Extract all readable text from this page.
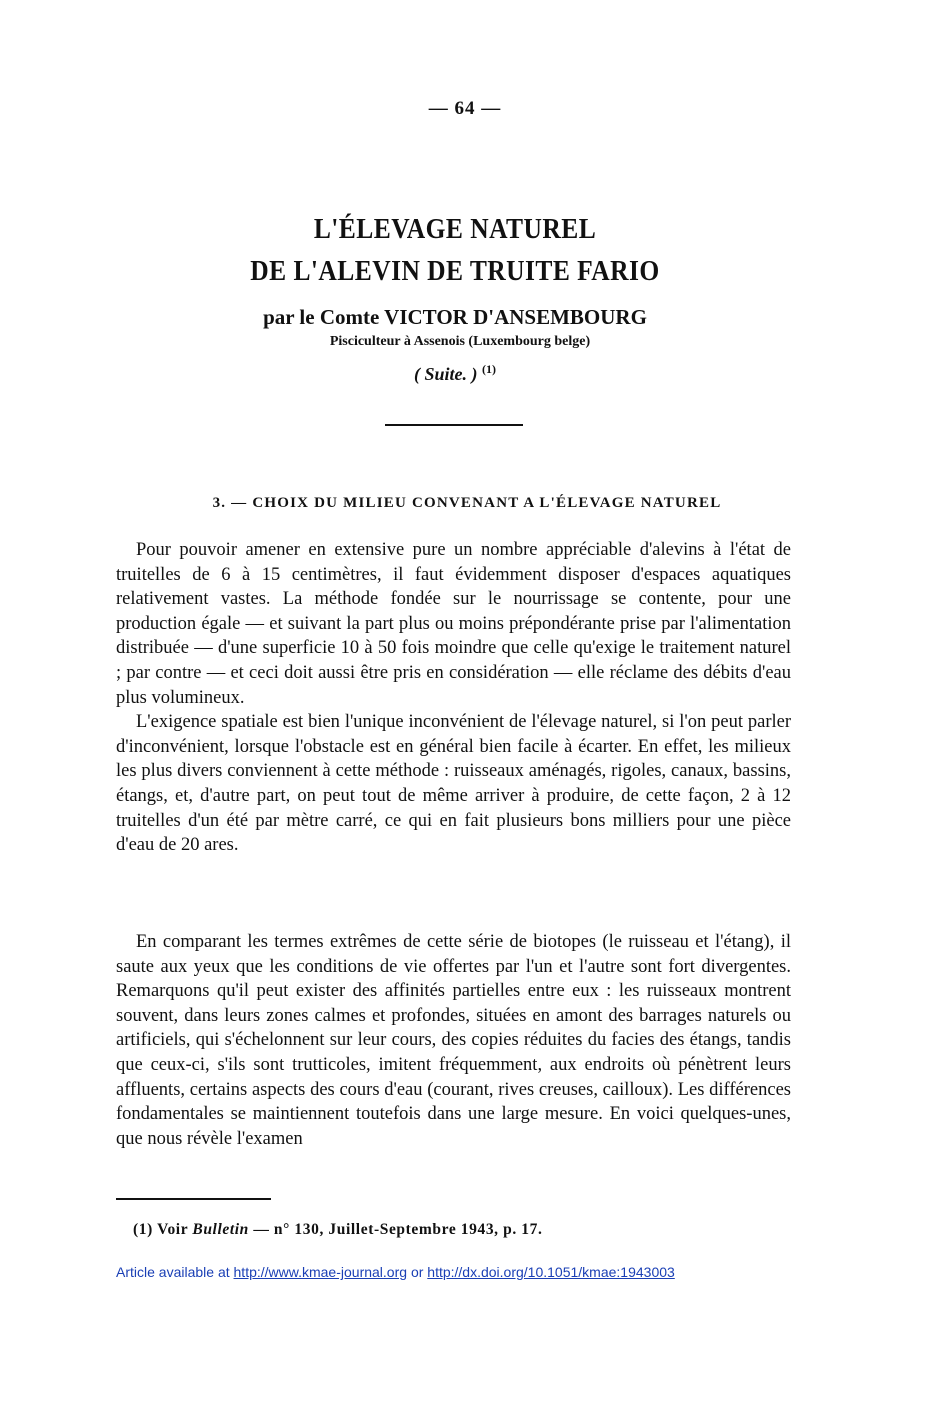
— 64 —
L'ÉLEVAGE NATUREL
DE L'ALEVIN DE TRUITE FARIO
par le Comte VICTOR D'ANSEMBOURG
Pisciculteur à Assenois (Luxembourg belge)
( Suite. ) $^{(1)}$
3. — CHOIX DU MILIEU CONVENANT A L'ÉLEVAGE NATUREL

Pour pouvoir amener en extensive pure un nombre appréciable d'alevins à l'état de truitelles de 6 à 15 centimètres, il faut évidemment disposer d'espaces aquatiques relativement vastes. La méthode fondée sur le nourrissage se contente, pour une production égale — et suivant la part plus ou moins prépondérante prise par l'alimentation distribuée — d'une superficie 10 à 50 fois moindre que celle qu'exige le traitement naturel ; par contre — et ceci doit aussi être pris en considération — elle réclame des débits d'eau plus volumineux.

L'exigence spatiale est bien l'unique inconvénient de l'élevage naturel, si l'on peut parler d'inconvénient, lorsque l'obstacle est en général bien facile à écarter. En effet, les milieux les plus divers conviennent à cette méthode : ruisseaux aménagés, rigoles, canaux, bassins, étangs, et, d'autre part, on peut tout de même arriver à produire, de cette façon, 2 à 12 truitelles d'un été par mètre carré, ce qui en fait plusieurs bons milliers pour une pièce d'eau de 20 ares.

En comparant les termes extrêmes de cette série de biotopes (le ruisseau et l'étang), il saute aux yeux que les conditions de vie offertes par l'un et l'autre sont fort divergentes. Remarquons qu'il peut exister des affinités partielles entre eux : les ruisseaux montrent souvent, dans leurs zones calmes et profondes, situées en amont des barrages naturels ou artificiels, qui s'échelonnent sur leur cours, des copies réduites du facies des étangs, tandis que ceux-ci, s'ils sont trutticoles, imitent fréquemment, aux endroits où pénètrent leurs affluents, certains aspects des cours d'eau (courant, rives creuses, cailloux). Les différences fondamentales se maintiennent toutefois dans une large mesure. En voici quelques-unes, que nous révèle l'examen

(1) Voir Bulletin — n° 130, Juillet-Septembre 1943, p. 17.
Article available at http://www.kmae-journal.org or http://dx.doi.org/10.1051/kmae:1943003
